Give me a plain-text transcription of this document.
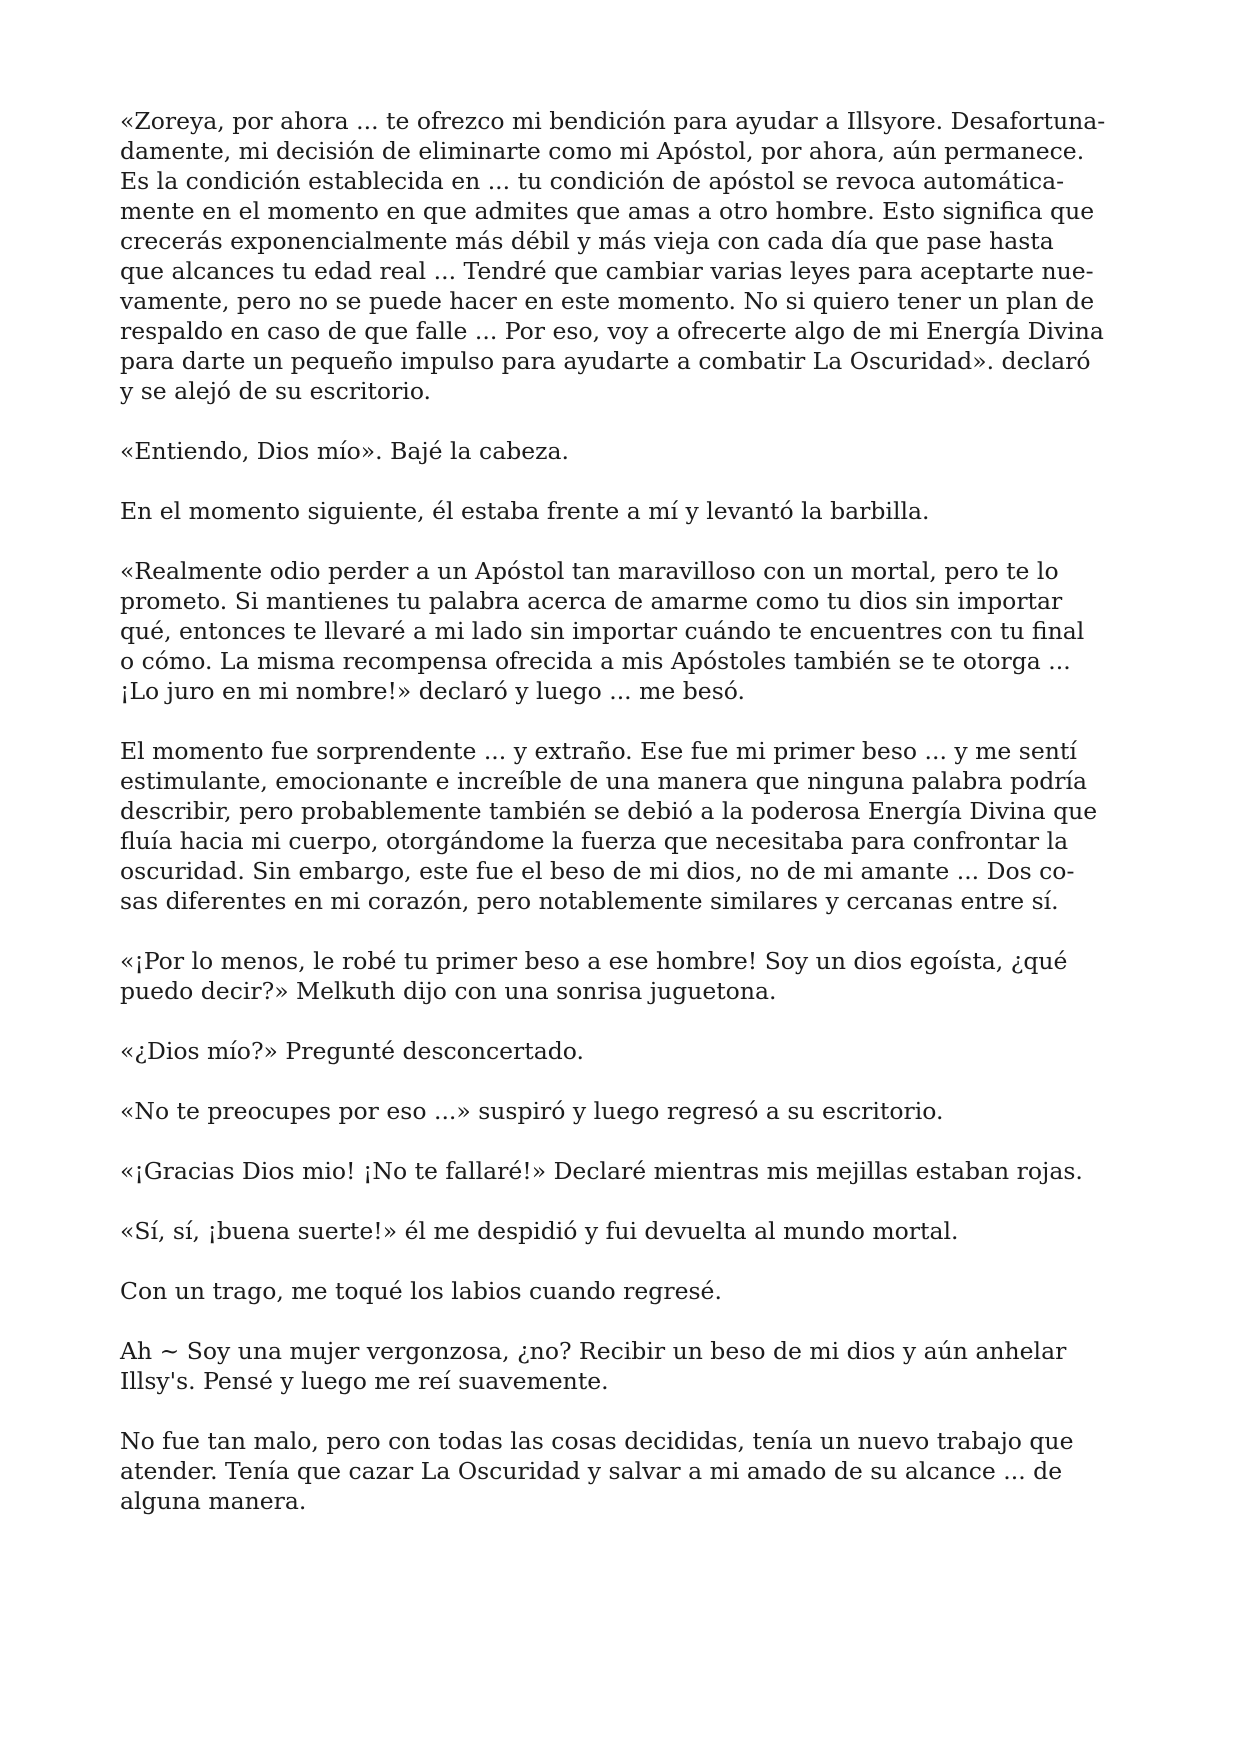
«Zoreya, por ahora ... te ofrezco mi bendición para ayudar a Illsyore. Desafortuna-
damente, mi decisión de eliminarte como mi Apóstol, por ahora, aún permanece.
Es la condición establecida en ... tu condición de apóstol se revoca automática-
mente en el momento en que admites que amas a otro hombre. Esto significa que
crecerás exponencialmente más débil y más vieja con cada día que pase hasta
que alcances tu edad real ... Tendré que cambiar varias leyes para aceptarte nue-
vamente, pero no se puede hacer en este momento. No si quiero tener un plan de
respaldo en caso de que falle ... Por eso, voy a ofrecerte algo de mi Energía Divina
para darte un pequeño impulso para ayudarte a combatir La Oscuridad». declaró
y se alejó de su escritorio.
«Entiendo, Dios mío». Bajé la cabeza.
En el momento siguiente, él estaba frente a mí y levantó la barbilla.
«Realmente odio perder a un Apóstol tan maravilloso con un mortal, pero te lo
prometo. Si mantienes tu palabra acerca de amarme como tu dios sin importar
qué, entonces te llevaré a mi lado sin importar cuándo te encuentres con tu final
o cómo. La misma recompensa ofrecida a mis Apóstoles también se te otorga ...
¡Lo juro en mi nombre!» declaró y luego ... me besó.
El momento fue sorprendente ... y extraño. Ese fue mi primer beso ... y me sentí
estimulante, emocionante e increíble de una manera que ninguna palabra podría
describir, pero probablemente también se debió a la poderosa Energía Divina que
fluía hacia mi cuerpo, otorgándome la fuerza que necesitaba para confrontar la
oscuridad. Sin embargo, este fue el beso de mi dios, no de mi amante ... Dos co-
sas diferentes en mi corazón, pero notablemente similares y cercanas entre sí.
«¡Por lo menos, le robé tu primer beso a ese hombre! Soy un dios egoísta, ¿qué
puedo decir?» Melkuth dijo con una sonrisa juguetona.
«¿Dios mío?» Pregunté desconcertado.
«No te preocupes por eso ...» suspiró y luego regresó a su escritorio.
«¡Gracias Dios mio! ¡No te fallaré!» Declaré mientras mis mejillas estaban rojas.
«Sí, sí, ¡buena suerte!» él me despidió y fui devuelta al mundo mortal.
Con un trago, me toqué los labios cuando regresé.
Ah ~ Soy una mujer vergonzosa, ¿no? Recibir un beso de mi dios y aún anhelar
Illsy's. Pensé y luego me reí suavemente.
No fue tan malo, pero con todas las cosas decididas, tenía un nuevo trabajo que
atender. Tenía que cazar La Oscuridad y salvar a mi amado de su alcance ... de
alguna manera.
